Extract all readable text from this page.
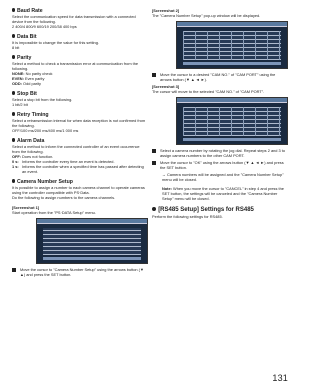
Baud Rate

Select the communication speed for data transmission with a connected device from the following.

2 400/4 800/9 600/19 200/38 400 bps

Data Bit

It is impossible to change the value for this setting.

8 bit

Parity

Select a method to check a transmission error at communication from the following.

NONE: No parity check

EVEN: Even parity

ODD: Odd parity

Stop Bit

Select a stop bit from the following.

1 bit/2 bit

Retry Timing

Select a retransmission interval for when data reception is not confirmed from the following.

OFF/100 ms/200 ms/400 ms/1 000 ms

Alarm Data

Select a method to inform the connected controller of an event occurrence from the following.

OFF: Does not function.
0 s: Informs the controller every time an event is detected.
1 s: Informs the controller when a specified time has passed after detecting an event.

Camera Number Setup

It is possible to assign a number to each camera channel to operate cameras using the controller compatible with PS·Data.

Do the following to assign numbers to the camera channels.

[Screenshot 1]

Start operation from the "PS·DATA Setup" menu.

Move the cursor to "Camera Number Setup" using the arrows button (▼ ▲) and press the SET button.

[Screenshot 2]

The "Camera Number Setup" pop-up window will be displayed.

Move the cursor to a desired "CAM NO." of "CAM PORT" using the arrows button (▼ ▲ ◄ ►).

[Screenshot 3]

The cursor will move to the selected "CAM NO." of "CAM PORT".

Select a camera number by rotating the jog dial. Repeat steps 2 and 3 to assign camera numbers to the other CAM PORT.
Move the cursor to "OK" using the arrows button (▼ ▲ ◄ ►) and press the SET button.

→ Camera numbers will be assigned and the "Camera Number Setup" menu will be closed.

Note: When you move the cursor to "CANCEL" in step 4 and press the SET button, the settings will be canceled and the "Camera Number Setup" menu will be closed.

[RS485 Setup] Settings for RS485

Perform the following settings for RS485.

131
